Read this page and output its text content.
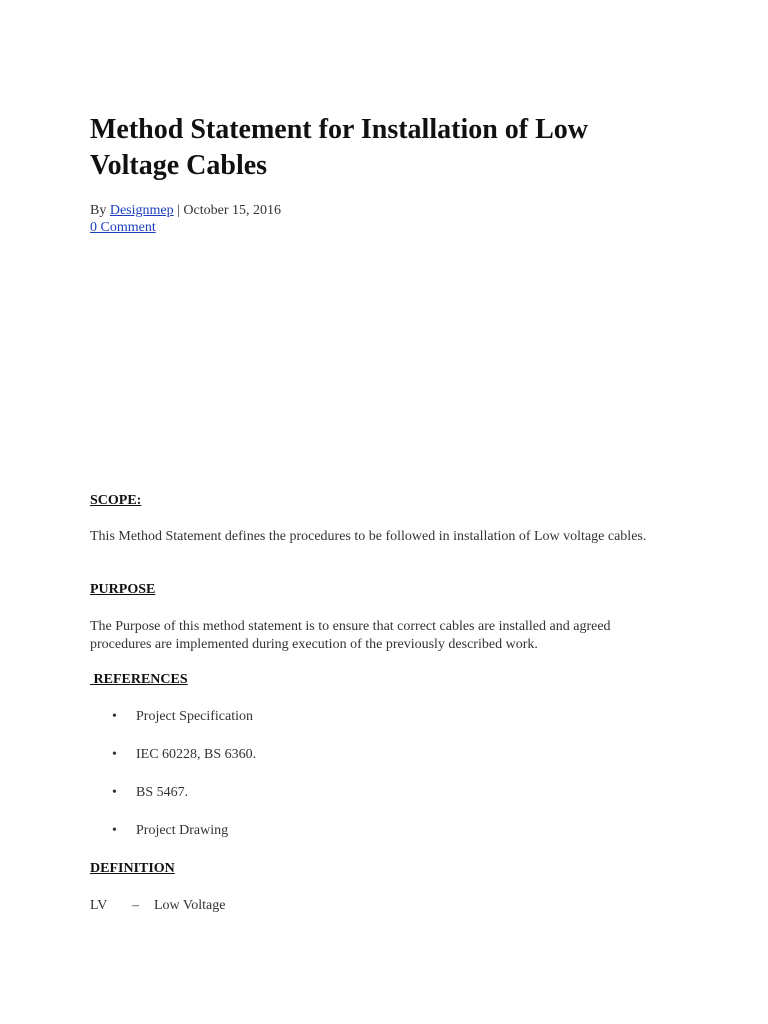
Method Statement for Installation of Low Voltage Cables
By Designmep | October 15, 2016
0 Comment
SCOPE:

This Method Statement defines the procedures to be followed in installation of Low voltage cables.

PURPOSE

The Purpose of this method statement is to ensure that correct cables are installed and agreed procedures are implemented during execution of the previously described work.

REFERENCES
• Project Specification
• IEC 60228, BS 6360.
• BS 5467.
• Project Drawing
DEFINITION
LV – Low Voltage
